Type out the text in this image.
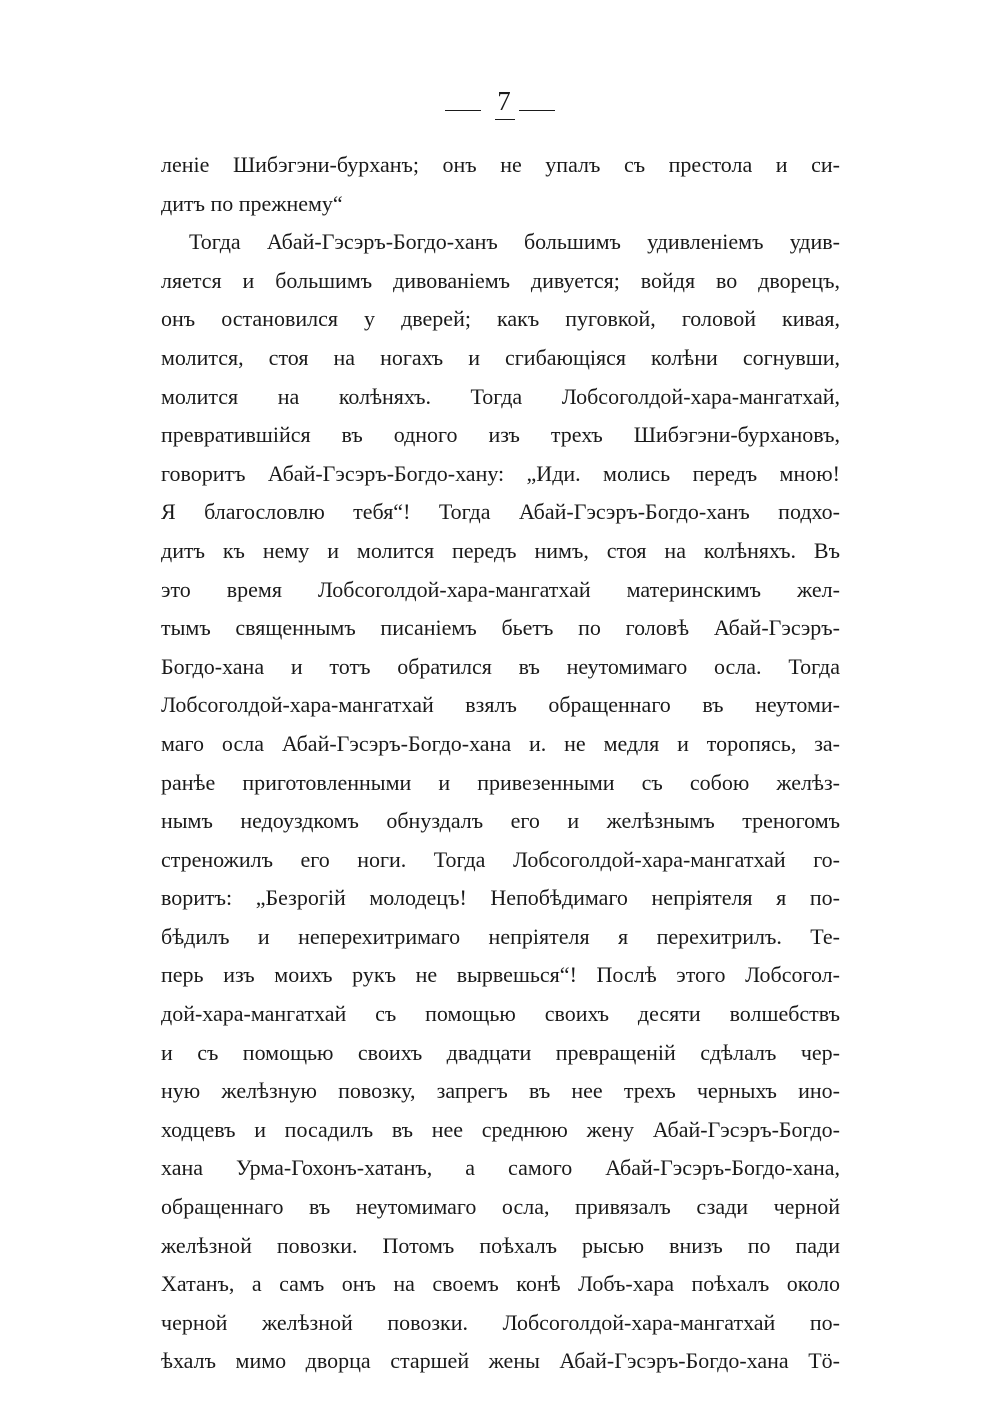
7
ленie Шибэгэни-бурханъ; онъ не упалъ съ престола и си-
дитъ по прежнему“
Тогда Абай-Гэсэръ-Богдо-ханъ большимъ удивленiемъ удив-
ляется и большимъ дивованiемъ дивуется; войдя во дворецъ,
онъ остановился у дверей; какъ пуговкой, головой кивая,
молится, стоя на ногахъ и сгибающiяся колѣни согнувши,
молится на колѣняхъ. Тогда Лобсоголдой-хара-мангатхай,
превратившiйся въ одного изъ трехъ Шибэгэни-бурхановъ,
говоритъ Абай-Гэсэръ-Богдо-хану: „Иди. молись передъ мною!
Я благословлю тебя“! Тогда Абай-Гэсэръ-Богдо-ханъ подхо-
дитъ къ нему и молится передъ нимъ, стоя на колѣняхъ. Въ
это время Лобсоголдой-хара-мангатхай материнскимъ жел-
тымъ священнымъ писанiемъ бьетъ по головѣ Абай-Гэсэръ-
Богдо-хана и тотъ обратился въ неутомимаго осла. Тогда
Лобсоголдой-хара-мангатхай взялъ обращеннаго въ неутоми-
маго осла Абай-Гэсэръ-Богдо-хана и. не медля и торопясь, за-
ранѣе приготовленными и привезенными съ собою желѣз-
нымъ недоуздкомъ обнуздалъ его и желѣзнымъ треногомъ
стреножилъ его ноги. Тогда Лобсоголдой-хара-мангатхай го-
воритъ: „Безрогiй молодецъ! Непобѣдимаго непрiятеля я по-
бѣдилъ и неперехитримаго непрiятеля я перехитрилъ. Те-
перь изъ моихъ рукъ не вырвешься“! Послѣ этого Лобсогол-
дой-хара-мангатхай съ помощью своихъ десяти волшебствъ
и съ помощью своихъ двадцати превращенiй сдѣлалъ чер-
ную желѣзную повозку, запрегъ въ нее трехъ черныхъ ино-
ходцевъ и посадилъ въ нее среднюю жену Абай-Гэсэръ-Богдо-
хана Урма-Гохонъ-хатанъ, а самого Абай-Гэсэръ-Богдо-хана,
обращеннаго въ неутомимаго осла, привязалъ сзади черной
желѣзной повозки. Потомъ поѣхалъ рысью внизъ по пади
Хатанъ, а самъ онъ на своемъ конѣ Лобъ-хара поѣхалъ около
черной желѣзной повозки. Лобсоголдой-хара-мангатхай по-
ѣхалъ мимо дворца старшей жены Абай-Гэсэръ-Богдо-хана Тӧ-
